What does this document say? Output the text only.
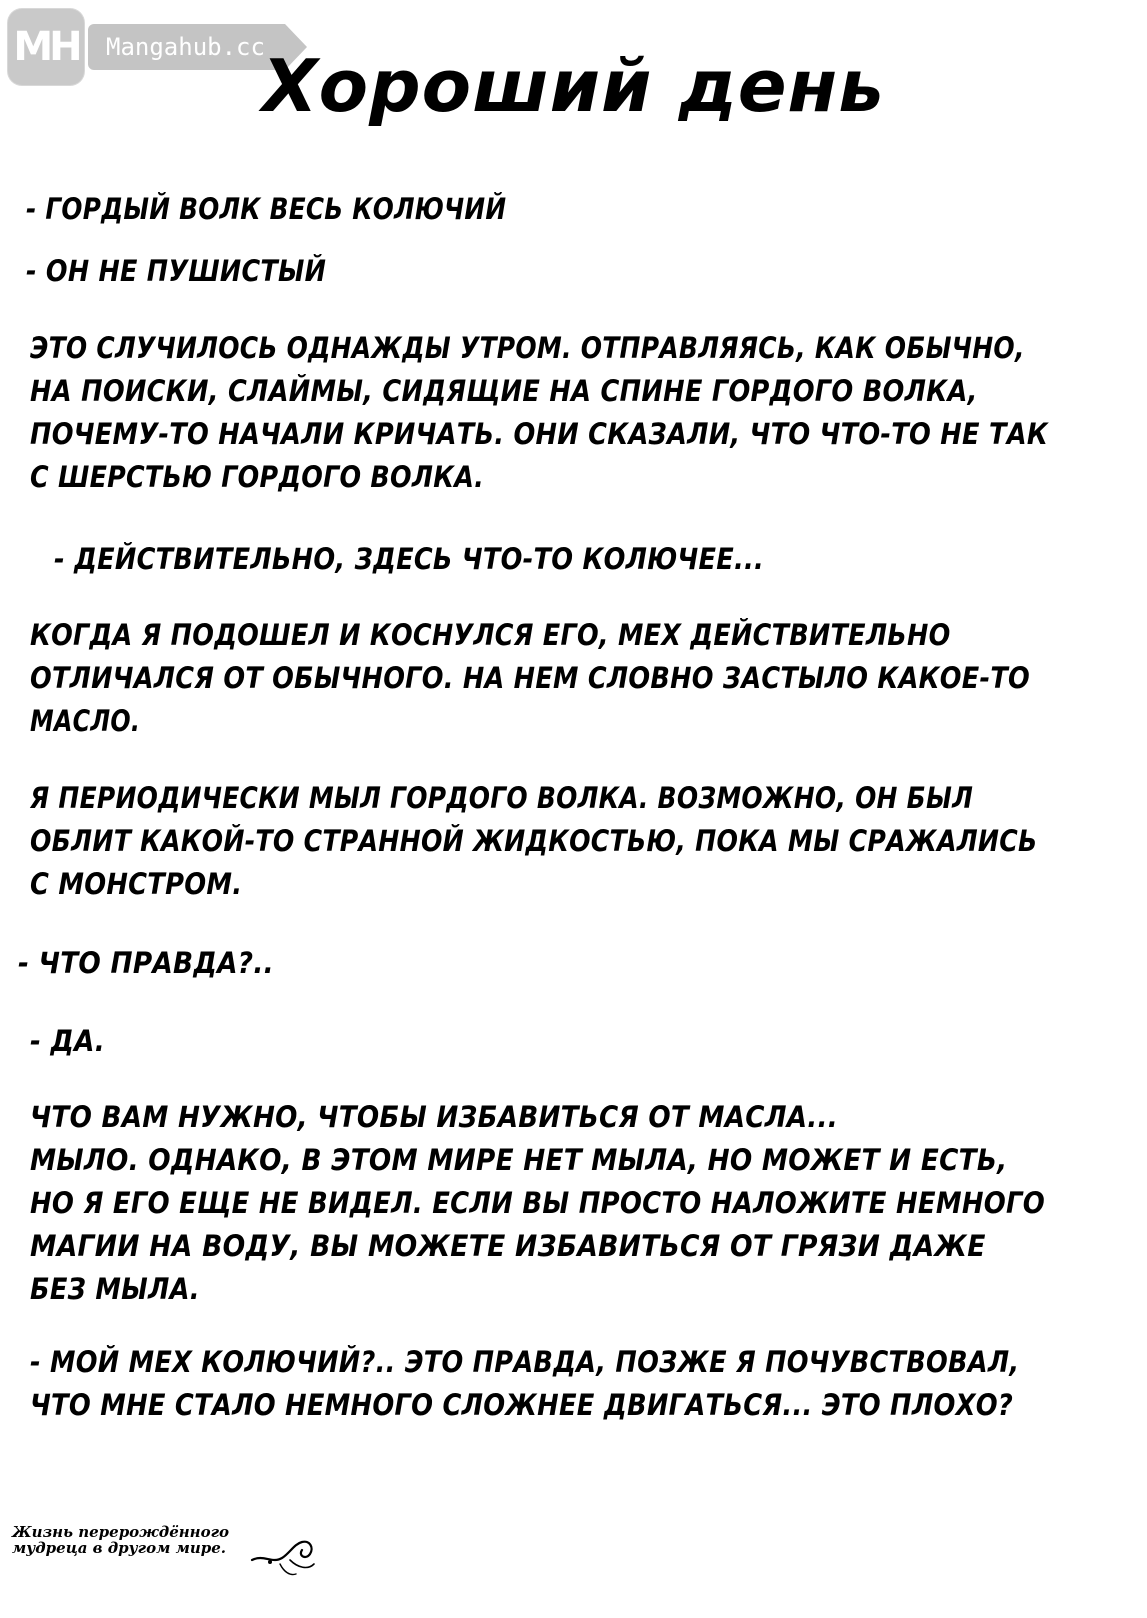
MH	Mangahub.cc
Хороший день

- ГОРДЫЙ ВОЛК ВЕСЬ КОЛЮЧИЙ

- ОН НЕ ПУШИСТЫЙ

ЭТО СЛУЧИЛОСЬ ОДНАЖДЫ УТРОМ. ОТПРАВЛЯЯСЬ, КАК ОБЫЧНО,

НА ПОИСКИ, СЛАЙМЫ, СИДЯЩИЕ НА СПИНЕ ГОРДОГО ВОЛКА,

ПОЧЕМУ-ТО НАЧАЛИ КРИЧАТЬ. ОНИ СКАЗАЛИ, ЧТО ЧТО-ТО НЕ ТАК

С ШЕРСТЬЮ ГОРДОГО ВОЛКА.

- ДЕЙСТВИТЕЛЬНО, ЗДЕСЬ ЧТО-ТО КОЛЮЧЕЕ...

КОГДА Я ПОДОШЕЛ И КОСНУЛСЯ ЕГО, МЕХ ДЕЙСТВИТЕЛЬНО

ОТЛИЧАЛСЯ ОТ ОБЫЧНОГО. НА НЕМ СЛОВНО ЗАСТЫЛО КАКОЕ-ТО

МАСЛО.

Я ПЕРИОДИЧЕСКИ МЫЛ ГОРДОГО ВОЛКА. ВОЗМОЖНО, ОН БЫЛ

ОБЛИТ КАКОЙ-ТО СТРАННОЙ ЖИДКОСТЬЮ, ПОКА МЫ СРАЖАЛИСЬ

С МОНСТРОМ.

- ЧТО ПРАВДА?..

- ДА.

ЧТО ВАМ НУЖНО, ЧТОБЫ ИЗБАВИТЬСЯ ОТ МАСЛА...

МЫЛО. ОДНАКО, В ЭТОМ МИРЕ НЕТ МЫЛА, НО МОЖЕТ И ЕСТЬ,

НО Я ЕГО ЕЩЕ НЕ ВИДЕЛ. ЕСЛИ ВЫ ПРОСТО НАЛОЖИТЕ НЕМНОГО

МАГИИ НА ВОДУ, ВЫ МОЖЕТЕ ИЗБАВИТЬСЯ ОТ ГРЯЗИ ДАЖЕ

БЕЗ МЫЛА.

- МОЙ МЕХ КОЛЮЧИЙ?.. ЭТО ПРАВДА, ПОЗЖЕ Я ПОЧУВСТВОВАЛ,

ЧТО МНЕ СТАЛО НЕМНОГО СЛОЖНЕЕ ДВИГАТЬСЯ... ЭТО ПЛОХО?

Жизнь перерождённого

мудреца в другом мире.
